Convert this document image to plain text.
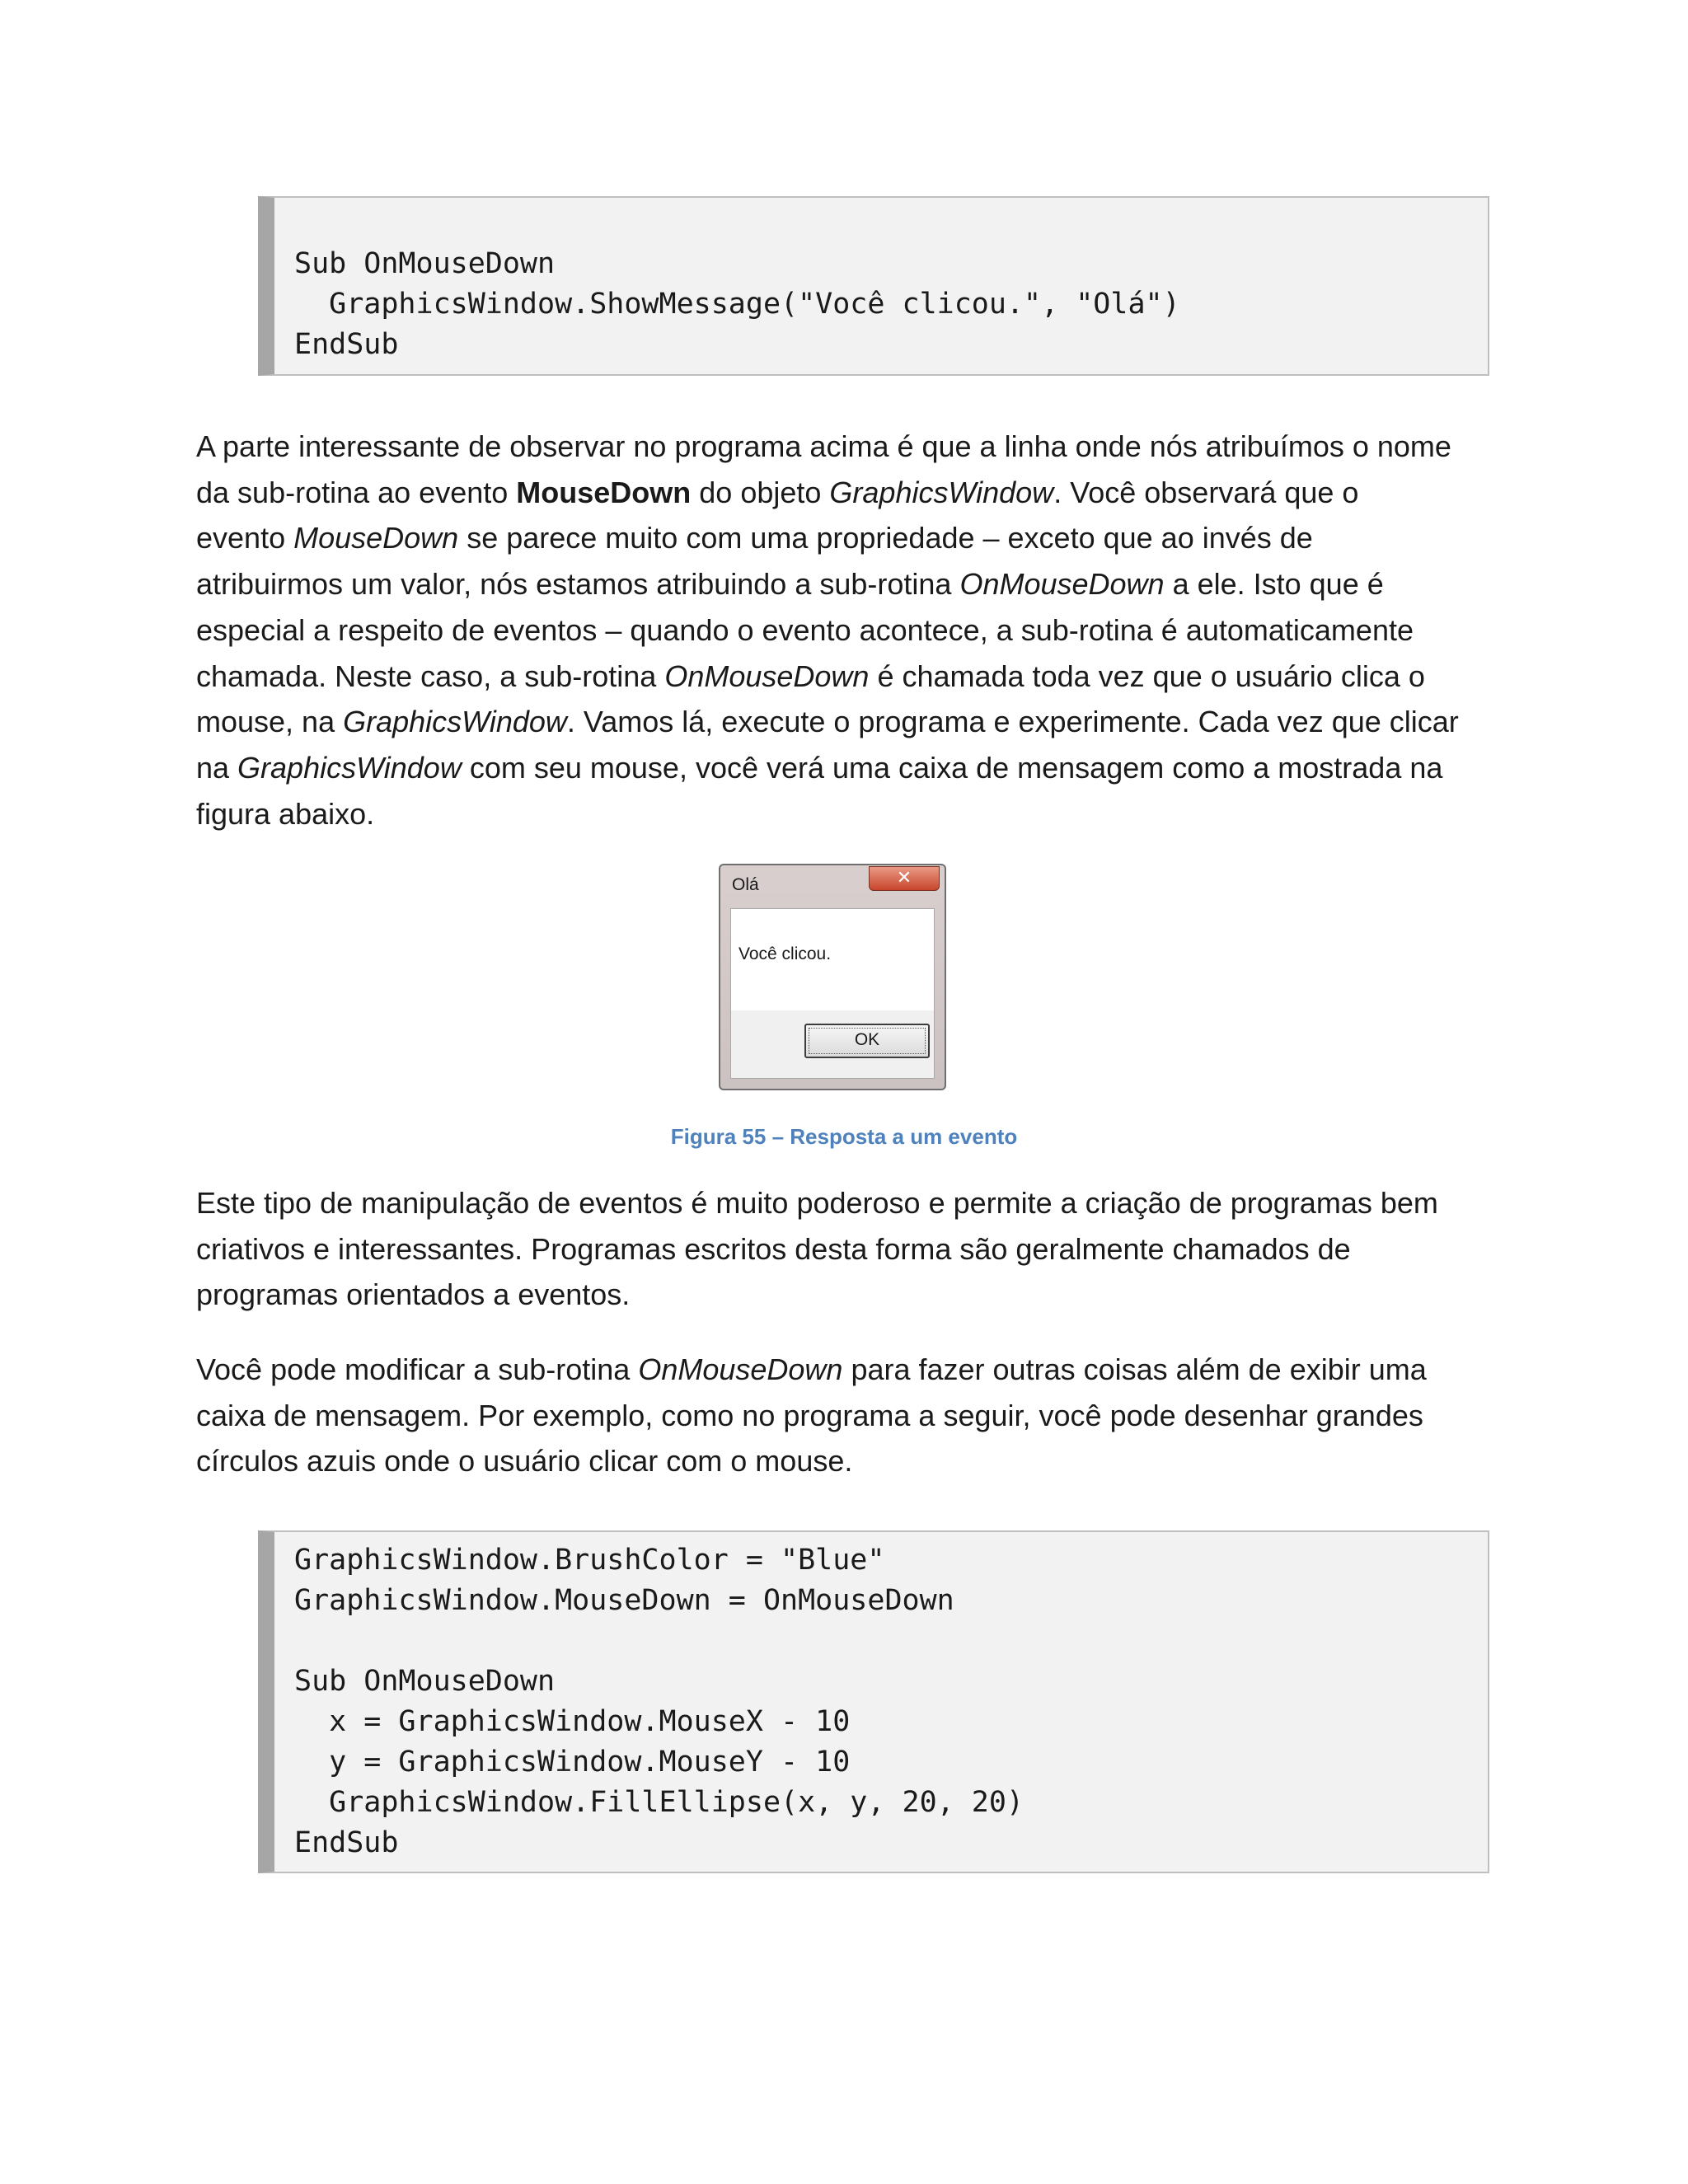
Sub OnMouseDown
GraphicsWindow.ShowMessage("Você clicou.", "Olá")
EndSub
A parte interessante de observar no programa acima é que a linha onde nós atribuímos o nome
da sub-rotina ao evento MouseDown do objeto GraphicsWindow. Você observará que o
evento MouseDown se parece muito com uma propriedade – exceto que ao invés de
atribuirmos um valor, nós estamos atribuindo a sub-rotina OnMouseDown a ele. Isto que é
especial a respeito de eventos – quando o evento acontece, a sub-rotina é automaticamente
chamada. Neste caso, a sub-rotina OnMouseDown é chamada toda vez que o usuário clica o
mouse, na GraphicsWindow. Vamos lá, execute o programa e experimente. Cada vez que clicar
na GraphicsWindow com seu mouse, você verá uma caixa de mensagem como a mostrada na
figura abaixo.
Olá	✕
OK
Você clicou.
Figura 55 – Resposta a um evento
Este tipo de manipulação de eventos é muito poderoso e permite a criação de programas bem
criativos e interessantes. Programas escritos desta forma são geralmente chamados de
programas orientados a eventos.
Você pode modificar a sub-rotina OnMouseDown para fazer outras coisas além de exibir uma
caixa de mensagem. Por exemplo, como no programa a seguir, você pode desenhar grandes
círculos azuis onde o usuário clicar com o mouse.
GraphicsWindow.BrushColor = "Blue"
GraphicsWindow.MouseDown = OnMouseDown
Sub OnMouseDown
x = GraphicsWindow.MouseX - 10
y = GraphicsWindow.MouseY - 10
GraphicsWindow.FillEllipse(x, y, 20, 20)
EndSub
